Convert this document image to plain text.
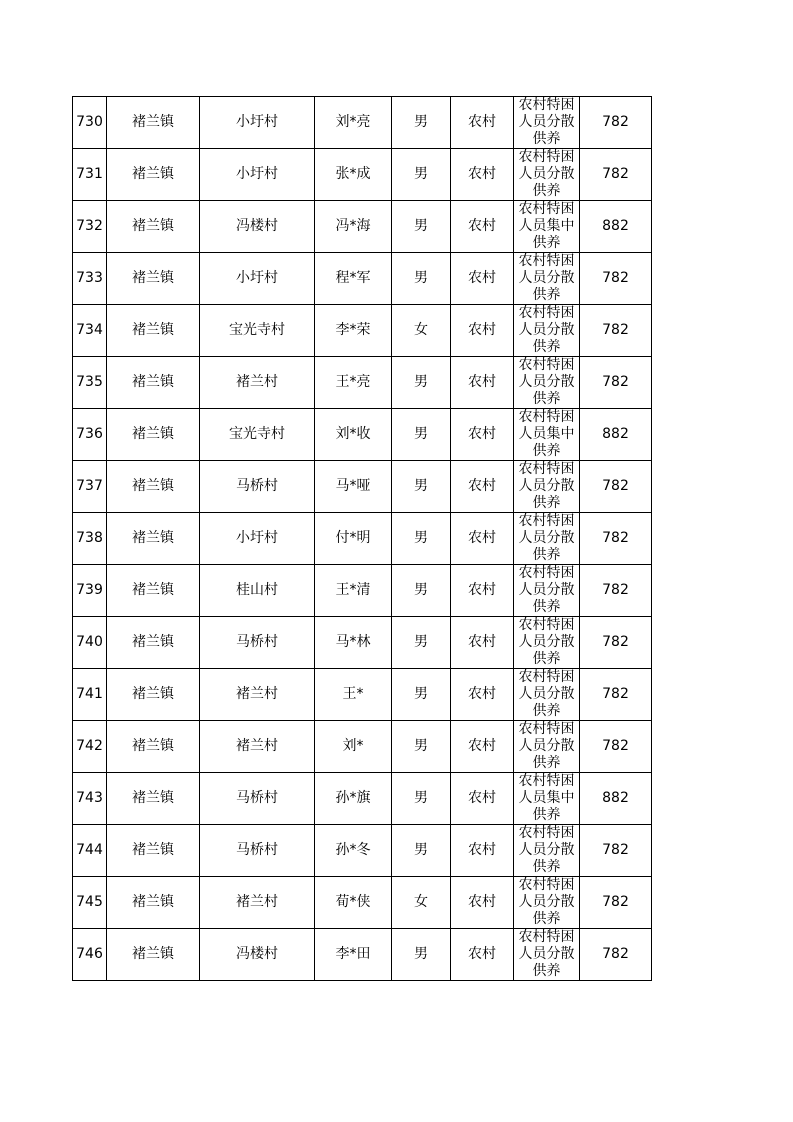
730	褚兰镇	小圩村	刘*亮	男	农村	农村特困人员分散供养	782
731	褚兰镇	小圩村	张*成	男	农村	农村特困人员分散供养	782
732	褚兰镇	冯楼村	冯*海	男	农村	农村特困人员集中供养	882
733	褚兰镇	小圩村	程*军	男	农村	农村特困人员分散供养	782
734	褚兰镇	宝光寺村	李*荣	女	农村	农村特困人员分散供养	782
735	褚兰镇	褚兰村	王*亮	男	农村	农村特困人员分散供养	782
736	褚兰镇	宝光寺村	刘*收	男	农村	农村特困人员集中供养	882
737	褚兰镇	马桥村	马*哑	男	农村	农村特困人员分散供养	782
738	褚兰镇	小圩村	付*明	男	农村	农村特困人员分散供养	782
739	褚兰镇	桂山村	王*清	男	农村	农村特困人员分散供养	782
740	褚兰镇	马桥村	马*林	男	农村	农村特困人员分散供养	782
741	褚兰镇	褚兰村	王*	男	农村	农村特困人员分散供养	782
742	褚兰镇	褚兰村	刘*	男	农村	农村特困人员分散供养	782
743	褚兰镇	马桥村	孙*旗	男	农村	农村特困人员集中供养	882
744	褚兰镇	马桥村	孙*冬	男	农村	农村特困人员分散供养	782
745	褚兰镇	褚兰村	荀*侠	女	农村	农村特困人员分散供养	782
746	褚兰镇	冯楼村	李*田	男	农村	农村特困人员分散供养	782
